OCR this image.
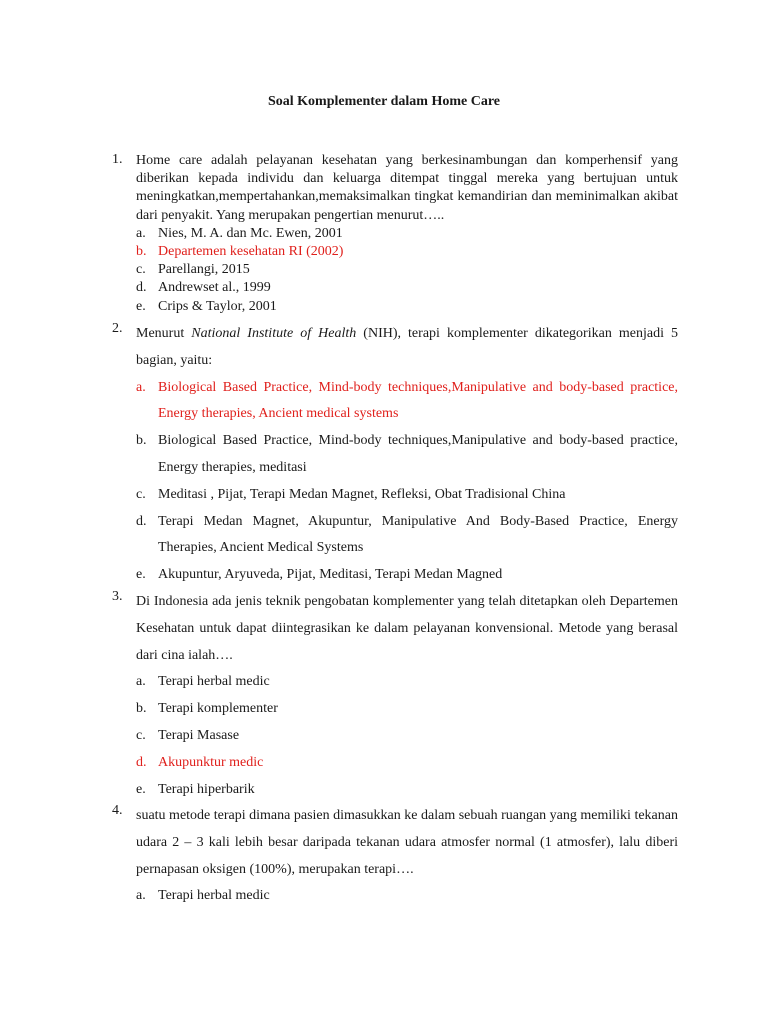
Soal Komplementer dalam Home Care
1. Home care adalah pelayanan kesehatan yang berkesinambungan dan komperhensif yang diberikan kepada individu dan keluarga ditempat tinggal mereka yang bertujuan untuk meningkatkan,mempertahankan,memaksimalkan tingkat kemandirian dan meminimalkan akibat dari penyakit. Yang merupakan pengertian menurut…..
a. Nies, M. A. dan Mc. Ewen, 2001
b. Departemen kesehatan RI (2002)
c. Parellangi, 2015
d. Andrewset al., 1999
e. Crips & Taylor, 2001
2. Menurut National Institute of Health (NIH), terapi komplementer dikategorikan menjadi 5 bagian, yaitu:
a. Biological Based Practice, Mind-body techniques,Manipulative and body-based practice, Energy therapies, Ancient medical systems
b. Biological Based Practice, Mind-body techniques,Manipulative and body-based practice, Energy therapies, meditasi
c. Meditasi , Pijat, Terapi Medan Magnet, Refleksi, Obat Tradisional China
d. Terapi Medan Magnet, Akupuntur, Manipulative And Body-Based Practice, Energy Therapies, Ancient Medical Systems
e. Akupuntur, Aryuveda, Pijat, Meditasi, Terapi Medan Magned
3. Di Indonesia ada jenis teknik pengobatan komplementer yang telah ditetapkan oleh Departemen Kesehatan untuk dapat diintegrasikan ke dalam pelayanan konvensional. Metode yang berasal dari cina ialah….
a. Terapi herbal medic
b. Terapi komplementer
c. Terapi Masase
d. Akupunktur medic
e. Terapi hiperbarik
4. suatu metode terapi dimana pasien dimasukkan ke dalam sebuah ruangan yang memiliki tekanan udara 2 – 3 kali lebih besar daripada tekanan udara atmosfer normal (1 atmosfer), lalu diberi pernapasan oksigen (100%), merupakan terapi….
a. Terapi herbal medic
